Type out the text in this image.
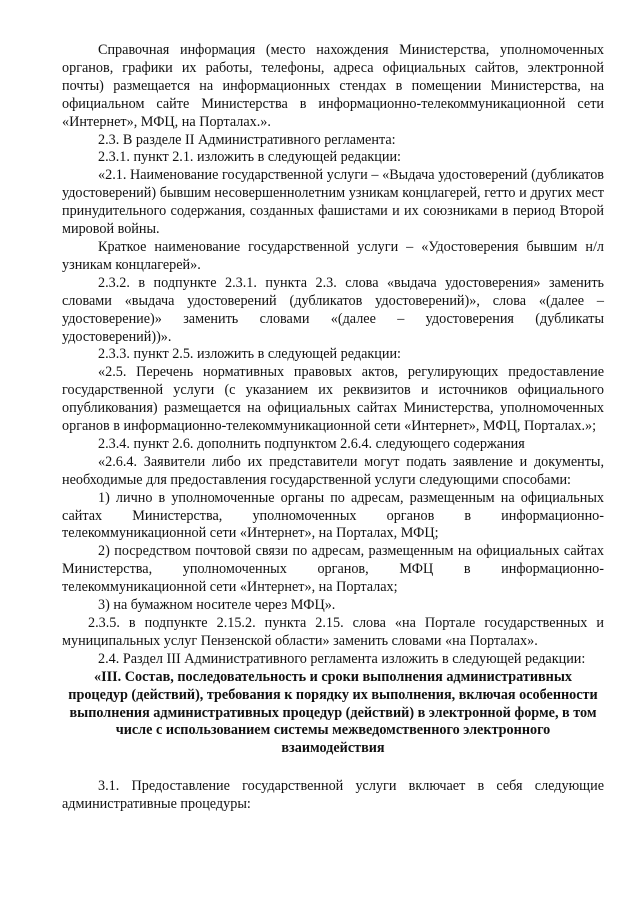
Справочная информация (место нахождения Министерства, уполномоченных органов, графики их работы, телефоны, адреса официальных сайтов, электронной почты) размещается на информационных стендах в помещении Министерства, на официальном сайте Министерства в информационно-телекоммуникационной сети «Интернет», МФЦ, на Порталах.».

2.3. В разделе II Административного регламента:

2.3.1. пункт 2.1. изложить в следующей редакции:

«2.1. Наименование государственной услуги – «Выдача удостоверений (дубликатов удостоверений) бывшим несовершеннолетним узникам концлагерей, гетто и других мест принудительного содержания, созданных фашистами и их союзниками в период Второй мировой войны.

Краткое наименование государственной услуги – «Удостоверения бывшим н/л узникам концлагерей».

2.3.2. в подпункте 2.3.1. пункта 2.3. слова «выдача удостоверения» заменить словами «выдача удостоверений (дубликатов удостоверений)», слова «(далее – удостоверение)» заменить словами «(далее – удостоверения (дубликаты удостоверений))».

2.3.3. пункт 2.5. изложить в следующей редакции:

«2.5. Перечень нормативных правовых актов, регулирующих предоставление государственной услуги (с указанием их реквизитов и источников официального опубликования) размещается на официальных сайтах Министерства, уполномоченных органов в информационно-телекоммуникационной сети «Интернет», МФЦ, Порталах.»;

2.3.4. пункт 2.6. дополнить подпунктом 2.6.4. следующего содержания

«2.6.4. Заявители либо их представители могут подать заявление и документы, необходимые для предоставления государственной услуги следующими способами:

1) лично в уполномоченные органы по адресам, размещенным на официальных сайтах Министерства, уполномоченных органов в информационно-телекоммуникационной сети «Интернет», на Порталах, МФЦ;

2) посредством почтовой связи по адресам, размещенным на официальных сайтах Министерства, уполномоченных органов, МФЦ в информационно-телекоммуникационной сети «Интернет», на Порталах;

3) на бумажном носителе через МФЦ».

2.3.5. в подпункте 2.15.2. пункта 2.15. слова «на Портале государственных и муниципальных услуг Пензенской области» заменить словами «на Порталах».

2.4. Раздел III Административного регламента изложить в следующей редакции:

«III. Состав, последовательность и сроки выполнения административных процедур (действий), требования к порядку их выполнения, включая особенности выполнения административных процедур (действий) в электронной форме, в том числе с использованием системы межведомственного электронного взаимодействия

3.1. Предоставление государственной услуги включает в себя следующие административные процедуры:
